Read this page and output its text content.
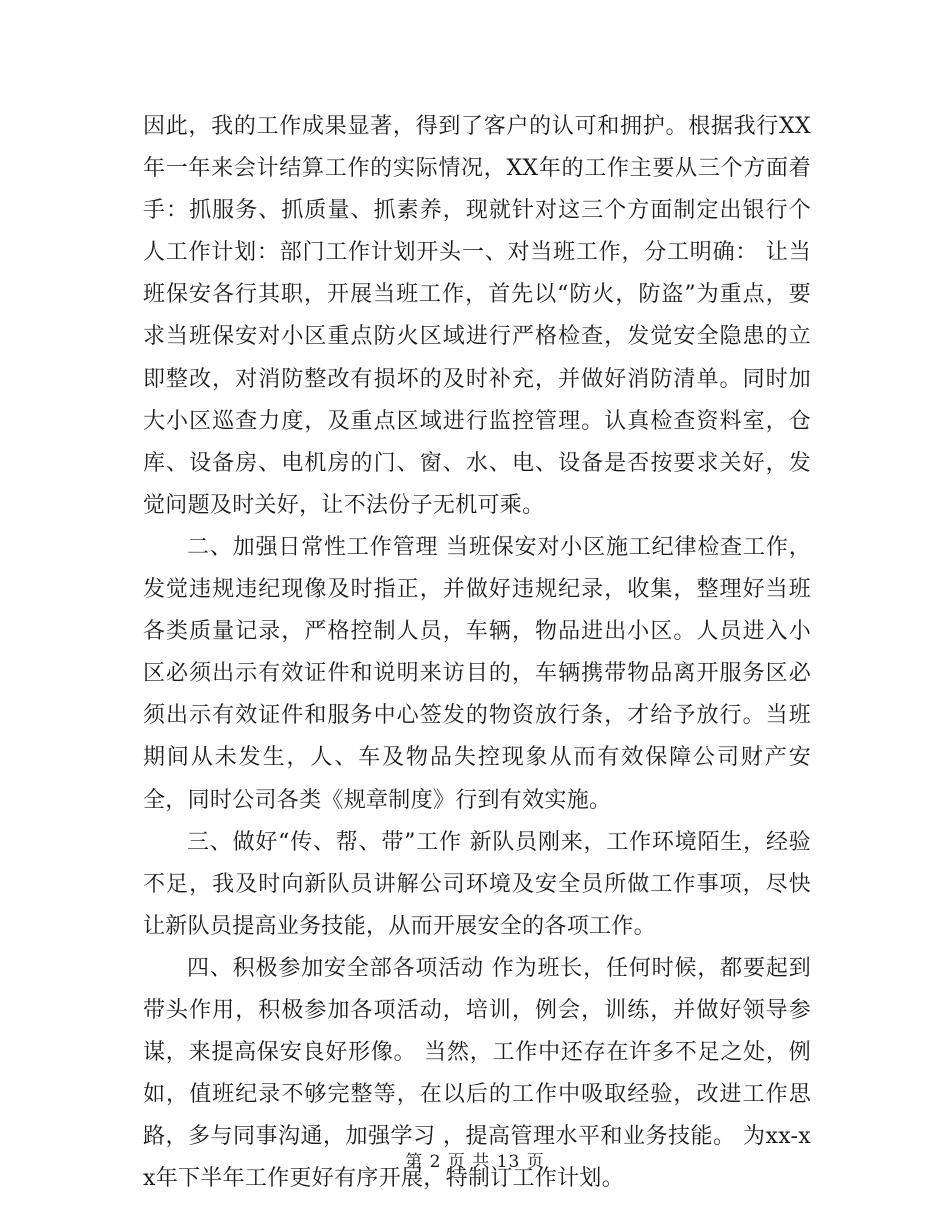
因此，我的工作成果显著，得到了客户的认可和拥护。根据我行XX年一年来会计结算工作的实际情况，XX年的工作主要从三个方面着手：抓服务、抓质量、抓素养，现就针对这三个方面制定出银行个人工作计划：部门工作计划开头一、对当班工作，分工明确： 让当班保安各行其职，开展当班工作，首先以“防火，防盗”为重点，要求当班保安对小区重点防火区域进行严格检查，发觉安全隐患的立即整改，对消防整改有损坏的及时补充，并做好消防清单。同时加大小区巡查力度，及重点区域进行监控管理。认真检查资料室，仓库、设备房、电机房的门、窗、水、电、设备是否按要求关好，发觉问题及时关好，让不法份子无机可乘。

二、加强日常性工作管理 当班保安对小区施工纪律检查工作，发觉违规违纪现像及时指正，并做好违规纪录，收集，整理好当班各类质量记录，严格控制人员，车辆，物品进出小区。人员进入小区必须出示有效证件和说明来访目的，车辆携带物品离开服务区必须出示有效证件和服务中心签发的物资放行条，才给予放行。当班期间从未发生，人、车及物品失控现象从而有效保障公司财产安全，同时公司各类《规章制度》行到有效实施。

三、做好“传、帮、带”工作 新队员刚来，工作环境陌生，经验不足，我及时向新队员讲解公司环境及安全员所做工作事项，尽快让新队员提高业务技能，从而开展安全的各项工作。

四、积极参加安全部各项活动 作为班长，任何时候，都要起到带头作用，积极参加各项活动，培训，例会，训练，并做好领导参谋，来提高保安良好形像。 当然，工作中还存在许多不足之处，例如，值班纪录不够完整等，在以后的工作中吸取经验，改进工作思路，多与同事沟通，加强学习 ，提高管理水平和业务技能。 为xx-xx年下半年工作更好有序开展，特制订工作计划。

第 2 页 共 13 页
